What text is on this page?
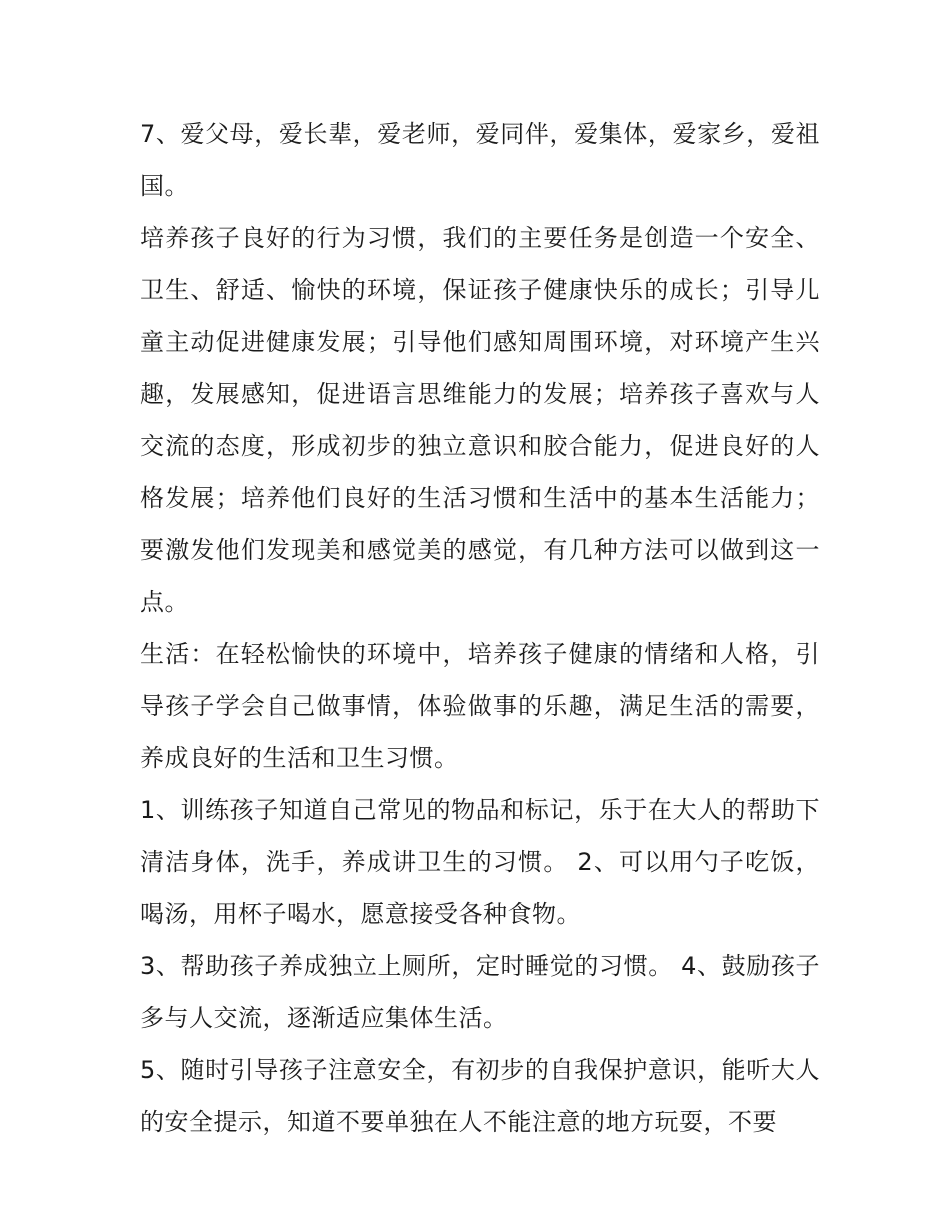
7、爱父母，爱长辈，爱老师，爱同伴，爱集体，爱家乡，爱祖国。

培养孩子良好的行为习惯，我们的主要任务是创造一个安全、卫生、舒适、愉快的环境，保证孩子健康快乐的成长；引导儿童主动促进健康发展；引导他们感知周围环境，对环境产生兴趣，发展感知，促进语言思维能力的发展；培养孩子喜欢与人交流的态度，形成初步的独立意识和胶合能力，促进良好的人格发展；培养他们良好的生活习惯和生活中的基本生活能力；要激发他们发现美和感觉美的感觉，有几种方法可以做到这一点。

生活：在轻松愉快的环境中，培养孩子健康的情绪和人格，引导孩子学会自己做事情，体验做事的乐趣，满足生活的需要，养成良好的生活和卫生习惯。

1、训练孩子知道自己常见的物品和标记，乐于在大人的帮助下清洁身体，洗手，养成讲卫生的习惯。 2、可以用勺子吃饭，喝汤，用杯子喝水，愿意接受各种食物。

3、帮助孩子养成独立上厕所，定时睡觉的习惯。 4、鼓励孩子多与人交流，逐渐适应集体生活。

5、随时引导孩子注意安全，有初步的自我保护意识，能听大人的安全提示，知道不要单独在人不能注意的地方玩耍，不要
